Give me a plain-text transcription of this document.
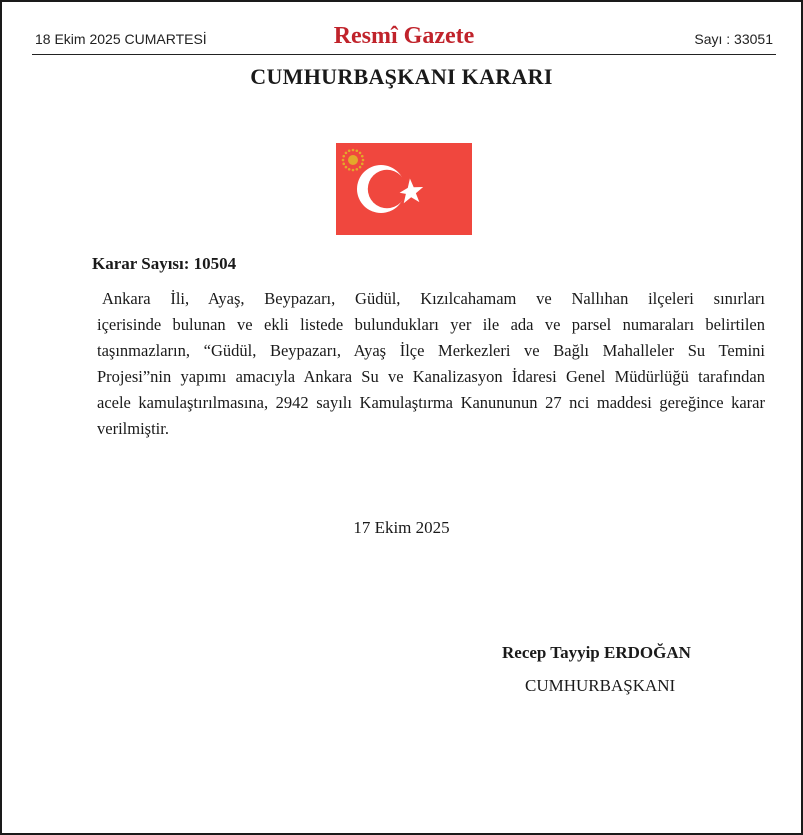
18 Ekim 2025 CUMARTESİ	Resmî Gazete	Sayı : 33051
CUMHURBAŞKANI KARARI
Karar Sayısı: 10504
Ankara İli, Ayaş, Beypazarı, Güdül, Kızılcahamam ve Nallıhan ilçeleri sınırları
içerisinde bulunan ve ekli listede bulundukları yer ile ada ve parsel numaraları belirtilen
taşınmazların, “Güdül, Beypazarı, Ayaş İlçe Merkezleri ve Bağlı Mahalleler Su Temini
Projesi”nin yapımı amacıyla Ankara Su ve Kanalizasyon İdaresi Genel Müdürlüğü tarafından
acele kamulaştırılmasına, 2942 sayılı Kamulaştırma Kanununun 27 nci maddesi gereğince karar
verilmiştir.
17 Ekim 2025
Recep Tayyip ERDOĞAN
CUMHURBAŞKANI
